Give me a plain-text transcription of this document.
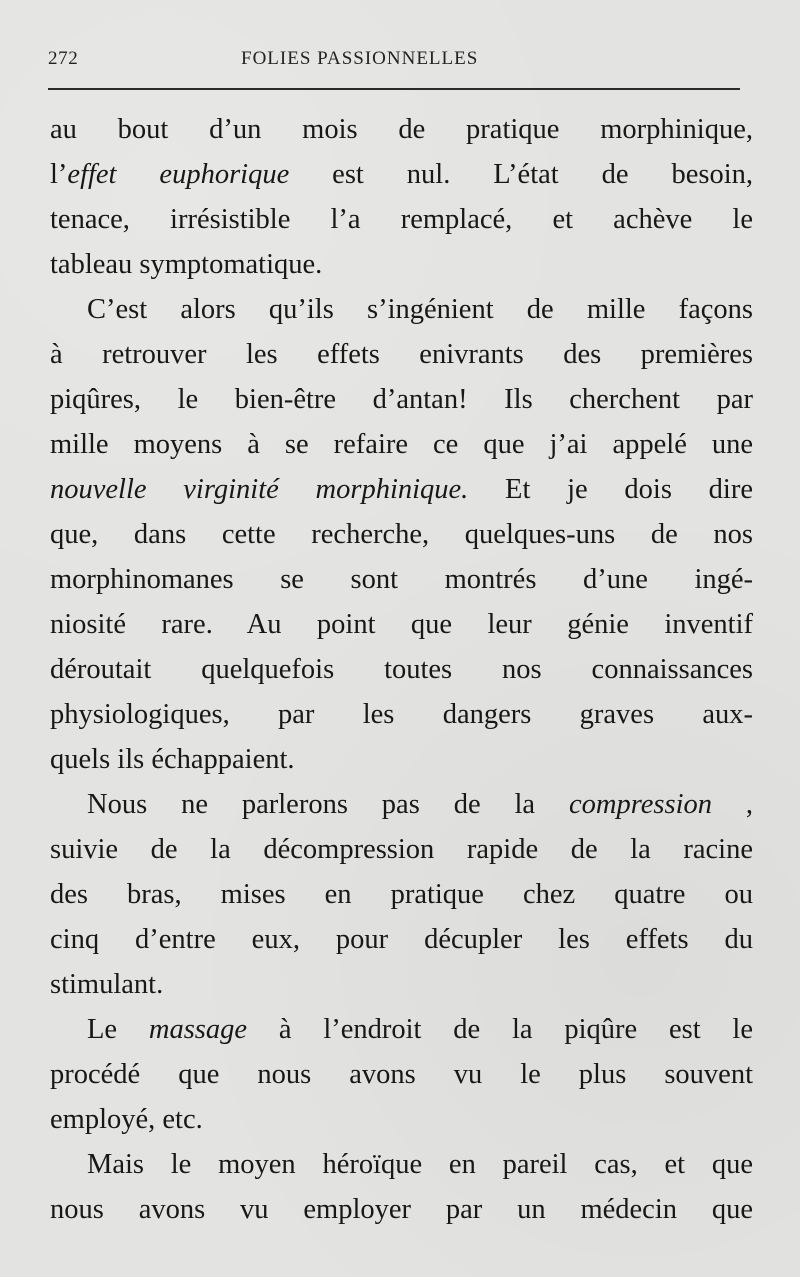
272	FOLIES PASSIONNELLES
au bout d’un mois de pratique morphinique,
l’effet euphorique est nul. L’état de besoin,
tenace, irrésistible l’a remplacé, et achève le
tableau symptomatique.
C’est alors qu’ils s’ingénient de mille façons
à retrouver les effets enivrants des premières
piqûres, le bien-être d’antan! Ils cherchent par
mille moyens à se refaire ce que j’ai appelé une
nouvelle virginité morphinique. Et je dois dire
que, dans cette recherche, quelques-uns de nos
morphinomanes se sont montrés d’une ingé-
niosité rare. Au point que leur génie inventif
déroutait quelquefois toutes nos connaissances
physiologiques, par les dangers graves aux-
quels ils échappaient.
Nous ne parlerons pas de la compression ,
suivie de la décompression rapide de la racine
des bras, mises en pratique chez quatre ou
cinq d’entre eux, pour décupler les effets du
stimulant.
Le massage à l’endroit de la piqûre est le
procédé que nous avons vu le plus souvent
employé, etc.
Mais le moyen héroïque en pareil cas, et que
nous avons vu employer par un médecin que
